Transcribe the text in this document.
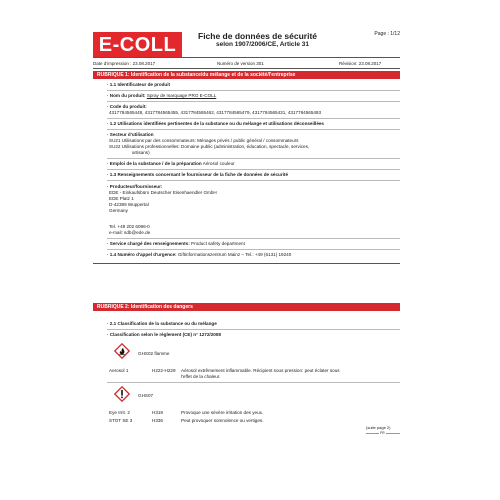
E-COLL	Fiche de données de sécurité
selon 1907/2006/CE, Article 31
Page : 1/12
Date d'impression : 23.08.2017	Numéro de version 301	Révision: 23.08.2017
RUBRIQUE 1: Identification de la substance/du mélange et de la société/l'entreprise
· 1.1 Identificateur de produit
· Nom du produit: Spray de marquage PRO E-COLL
· Code du produit:
4317784565448, 4317784565455, 4317784565462, 4317784565479, 4317784565431, 4317784565493
· 1.2 Utilisations identifiées pertinentes de la substance ou du mélange et utilisations déconseillées
· Secteur d'utilisation
SU21 Utilisations par des consommateurs: Ménages privés / public général / consommateurs
SU22 Utilisations professionnelles: Domaine public (administration, éducation, spectacle, services,
artisans)
· Emploi de la substance / de la préparation Aérosol couleur
· 1.3 Renseignements concernant le fournisseur de la fiche de données de sécurité
· Producteur/fournisseur:
EDE - Einkaufsbüro Deutscher Eisenhaendler GmbH
EDE Platz 1
D-42389 Wuppertal
Germany
Tel. +49 202 6096-0
e-mail: sdb@ede.de
· Service chargé des renseignements: Product safety department
· 1.4 Numéro d'appel d'urgence: Giftinformationszentrum Mainz – Tel.: +49 (6131) 19240
RUBRIQUE 2: Identification des dangers
· 2.1 Classification de la substance ou du mélange
· Classification selon le règlement (CE) n° 1272/2008
GHS02 flamme
Aerosol 1	H222-H229 Aérosol extrêmement inflammable. Récipient sous pression: peut éclater sous
l'effet de la chaleur.
GHS07
Eye Irrit. 2	H319	Provoque une sévère irritation des yeux.
STOT SE 3	H336	Peut provoquer somnolence ou vertiges.
(suite page 2)
FR
